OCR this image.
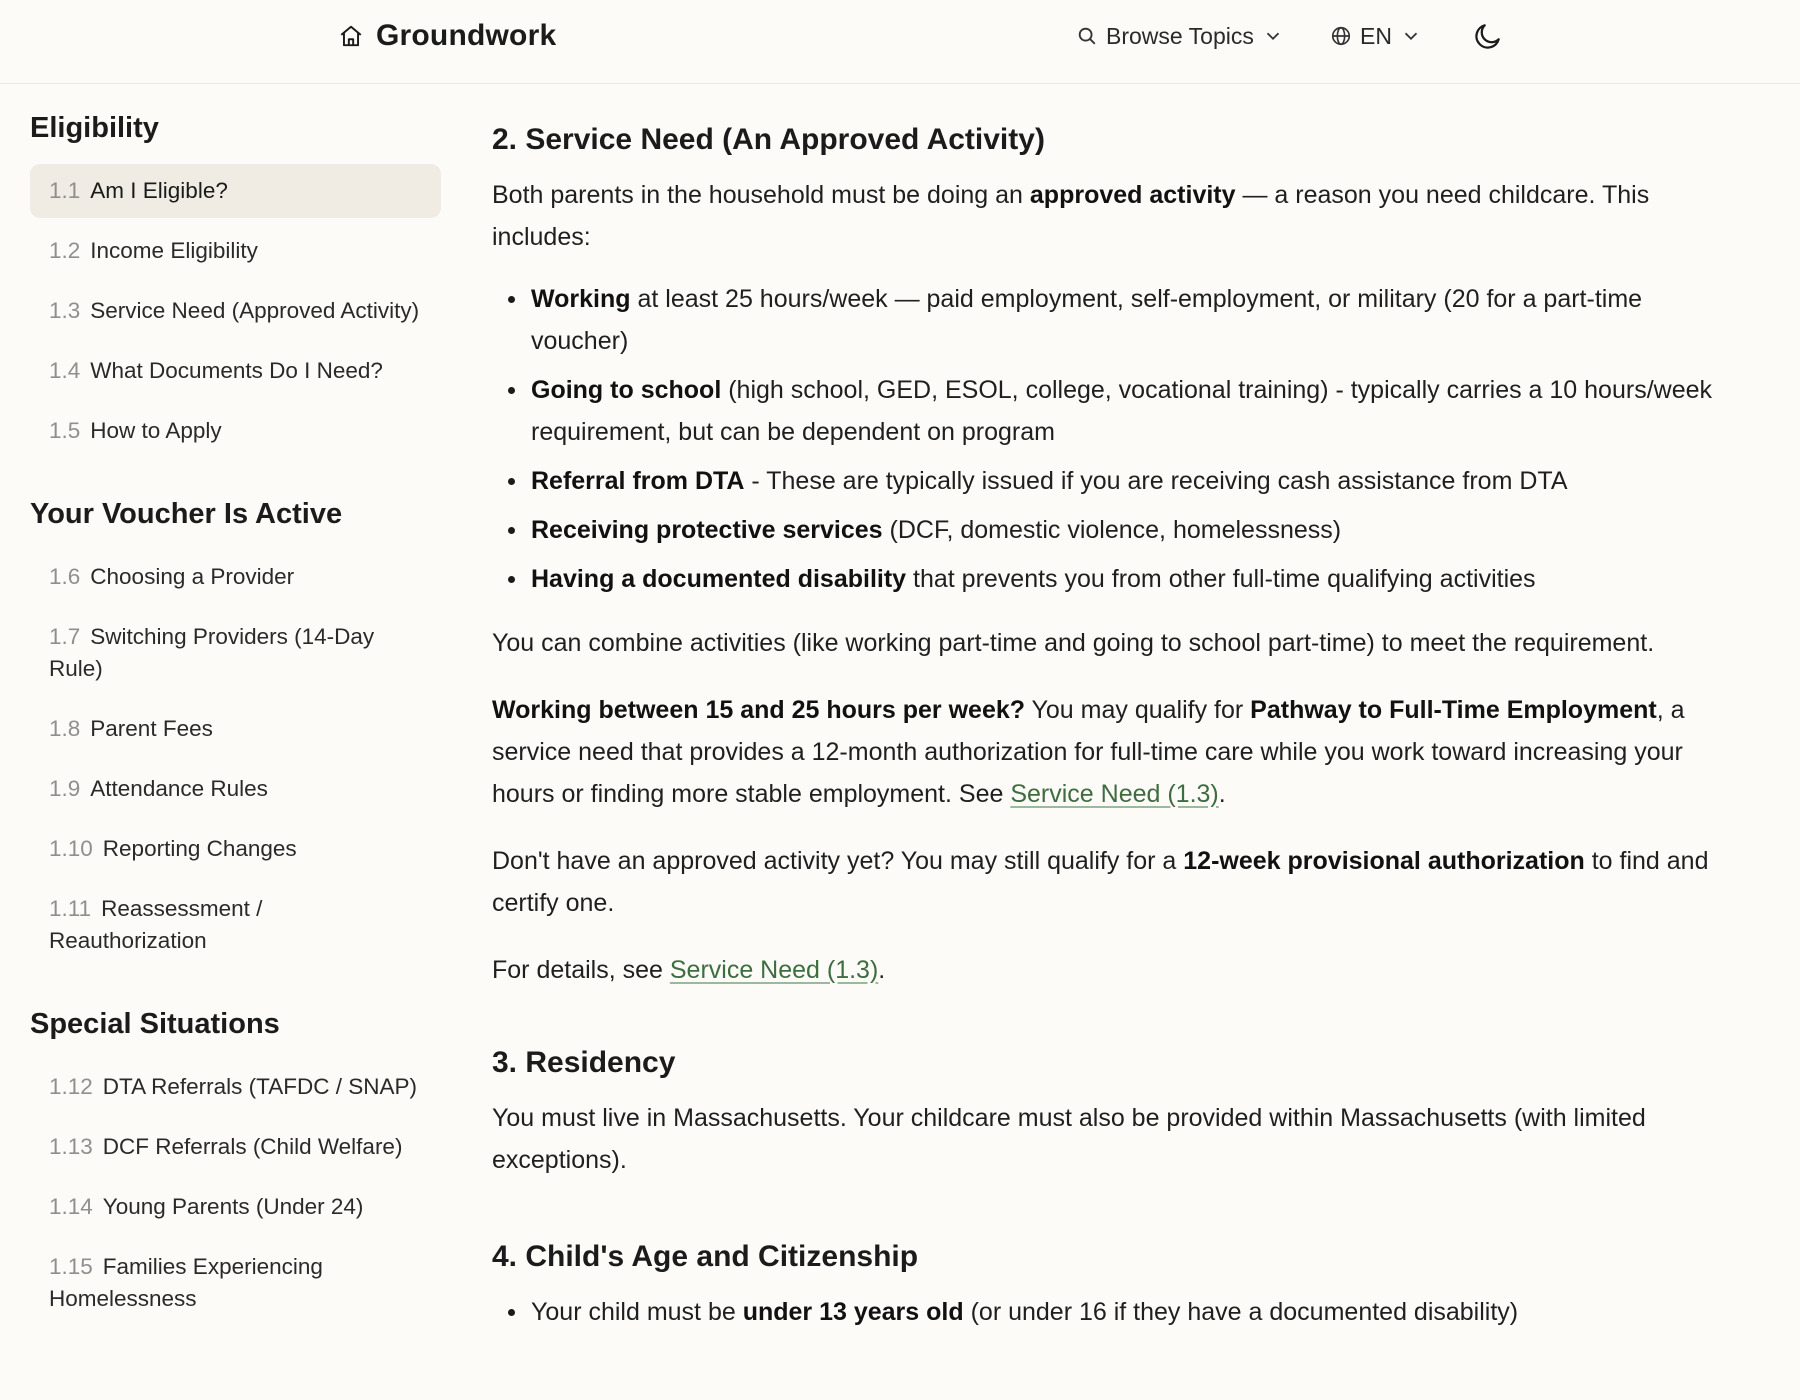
Groundwork	Browse Topics	EN
Eligibility
1.1 Am I Eligible?
1.2 Income Eligibility
1.3 Service Need (Approved Activity)
1.4 What Documents Do I Need?
1.5 How to Apply
Your Voucher Is Active
1.6 Choosing a Provider
1.7 Switching Providers (14-Day Rule)
1.8 Parent Fees
1.9 Attendance Rules
1.10 Reporting Changes
1.11 Reassessment / Reauthorization
Special Situations
1.12 DTA Referrals (TAFDC / SNAP)
1.13 DCF Referrals (Child Welfare)
1.14 Young Parents (Under 24)
1.15 Families Experiencing Homelessness
2. Service Need (An Approved Activity)

Both parents in the household must be doing an approved activity — a reason you need childcare. This includes:

Working at least 25 hours/week — paid employment, self-employment, or military (20 for a part-time voucher)
Going to school (high school, GED, ESOL, college, vocational training) - typically carries a 10 hours/week requirement, but can be dependent on program
Referral from DTA - These are typically issued if you are receiving cash assistance from DTA
Receiving protective services (DCF, domestic violence, homelessness)
Having a documented disability that prevents you from other full-time qualifying activities

You can combine activities (like working part-time and going to school part-time) to meet the requirement.

Working between 15 and 25 hours per week? You may qualify for Pathway to Full-Time Employment, a service need that provides a 12-month authorization for full-time care while you work toward increasing your hours or finding more stable employment. See Service Need (1.3).

Don't have an approved activity yet? You may still qualify for a 12-week provisional authorization to find and certify one.

For details, see Service Need (1.3).

3. Residency

You must live in Massachusetts. Your childcare must also be provided within Massachusetts (with limited exceptions).

4. Child's Age and Citizenship
Your child must be under 13 years old (or under 16 if they have a documented disability)
